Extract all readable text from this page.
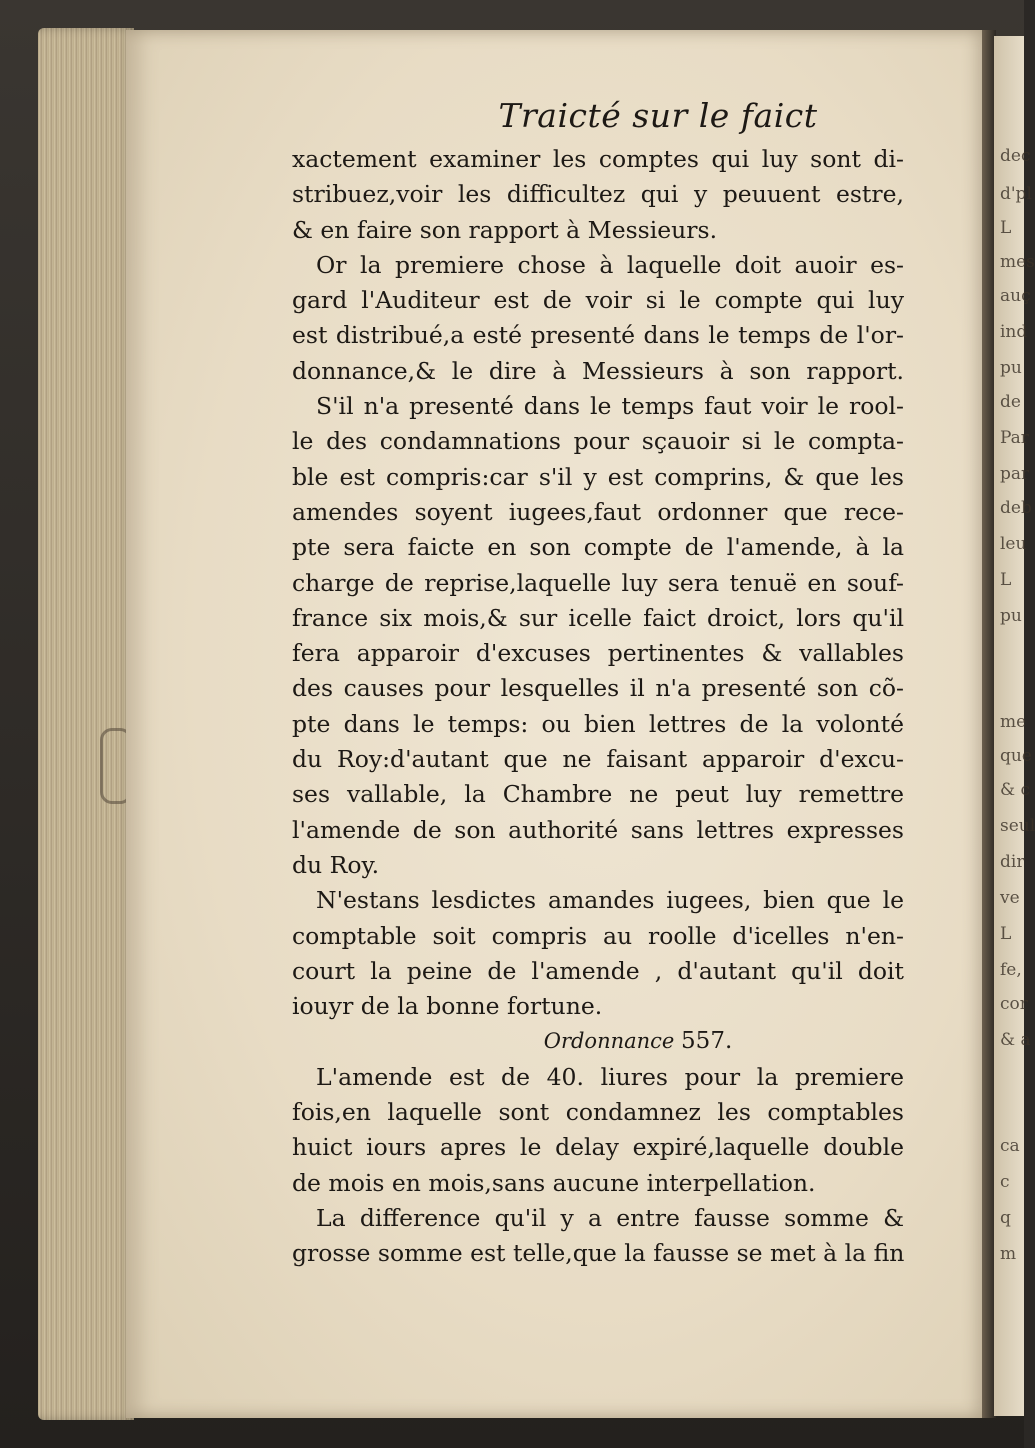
dec
d'pl
L
mes
auç
ind
pu
de
Par
par
deb
leu
L
pu
me
que
& c
seul
dir
ve
L
fe,
cor
& a
ca
c
q
m
Traicté sur le faict
xactement examiner les comptes qui luy sont di-
stribuez,voir les difficultez qui y peuuent estre,
& en faire son rapport à Messieurs.
Or la premiere chose à laquelle doit auoir es-
gard l'Auditeur est de voir si le compte qui luy
est distribué,a esté presenté dans le temps de l'or-
donnance,& le dire à Messieurs à son rapport.
S'il n'a presenté dans le temps faut voir le rool-
le des condamnations pour sçauoir si le compta-
ble est compris:car s'il y est comprins, & que les
amendes soyent iugees,faut ordonner que rece-
pte sera faicte en son compte de l'amende, à la
charge de reprise,laquelle luy sera tenuë en souf-
france six mois,& sur icelle faict droict, lors qu'il
fera apparoir d'excuses pertinentes & vallables
des causes pour lesquelles il n'a presenté son cõ-
pte dans le temps: ou bien lettres de la volonté
du Roy:d'autant que ne faisant apparoir d'excu-
ses vallable, la Chambre ne peut luy remettre
l'amende de son authorité sans lettres expresses
du Roy.
N'estans lesdictes amandes iugees, bien que le
comptable soit compris au roolle d'icelles n'en-
court la peine de l'amende , d'autant qu'il doit
iouyr de la bonne fortune.
Ordonnance 557.
L'amende est de 40. liures pour la premiere
fois,en laquelle sont condamnez les comptables
huict iours apres le delay expiré,laquelle double
de mois en mois,sans aucune interpellation.
La difference qu'il y a entre fausse somme &
grosse somme est telle,que la fausse se met à la fin
